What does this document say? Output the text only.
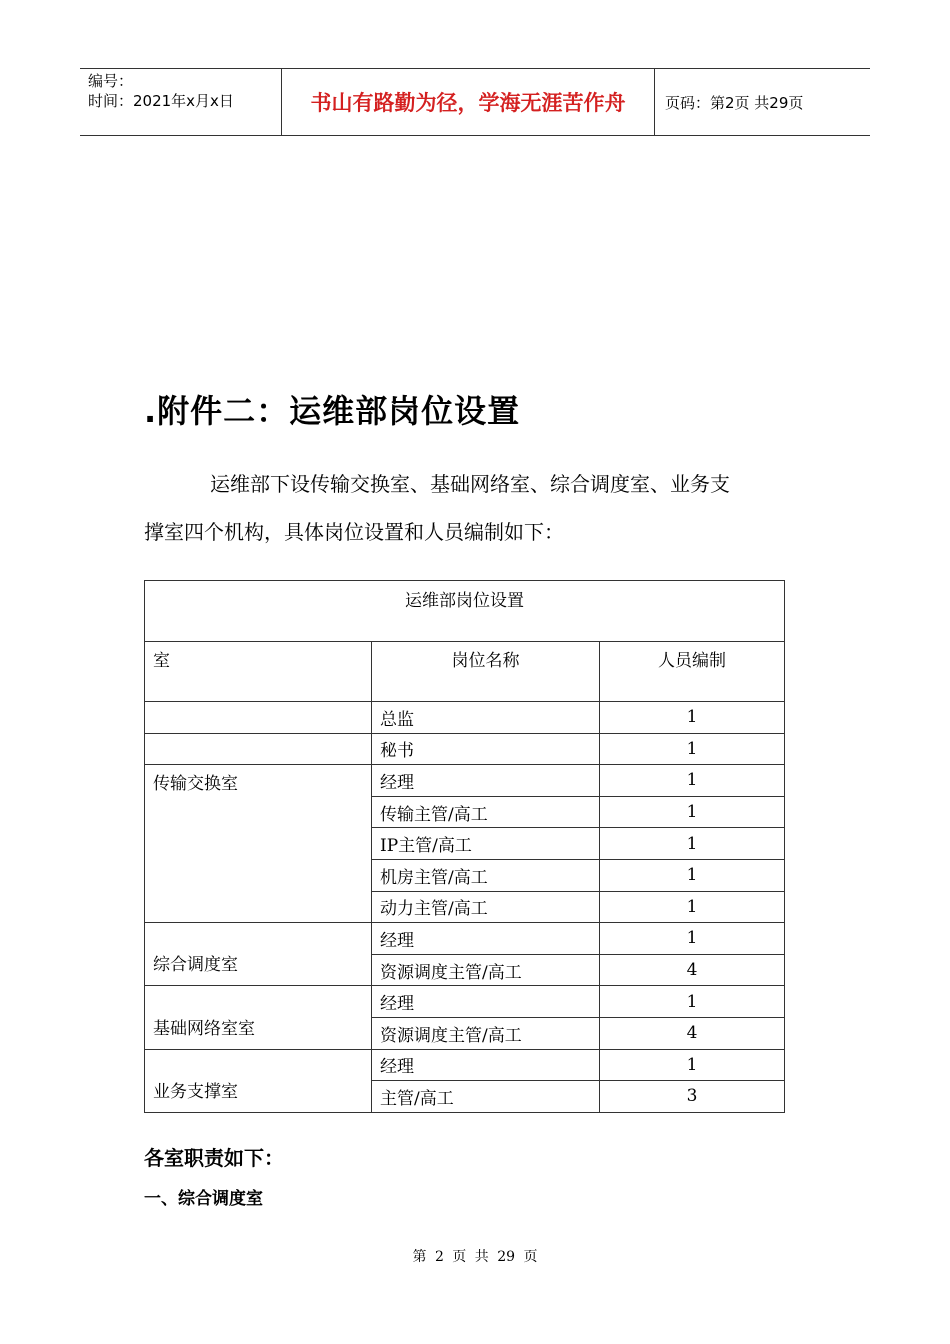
编号：
时间：2021年x月x日	书山有路勤为径，学海无涯苦作舟	页码：第2页 共29页
.附件二：运维部岗位设置
运维部下设传输交换室、基础网络室、综合调度室、业务支
撑室四个机构，具体岗位设置和人员编制如下：
运维部岗位设置		
室	岗位名称	人员编制
	总监	1
	秘书	1
传输交换室	经理	1
	传输主管/高工	1
	IP主管/高工	1
	机房主管/高工	1
	动力主管/高工	1
综合调度室	经理	1
	资源调度主管/高工	4
基础网络室室	经理	1
	资源调度主管/高工	4
业务支撑室	经理	1
	主管/高工	3
各室职责如下：
一、综合调度室
第 2 页 共 29 页
